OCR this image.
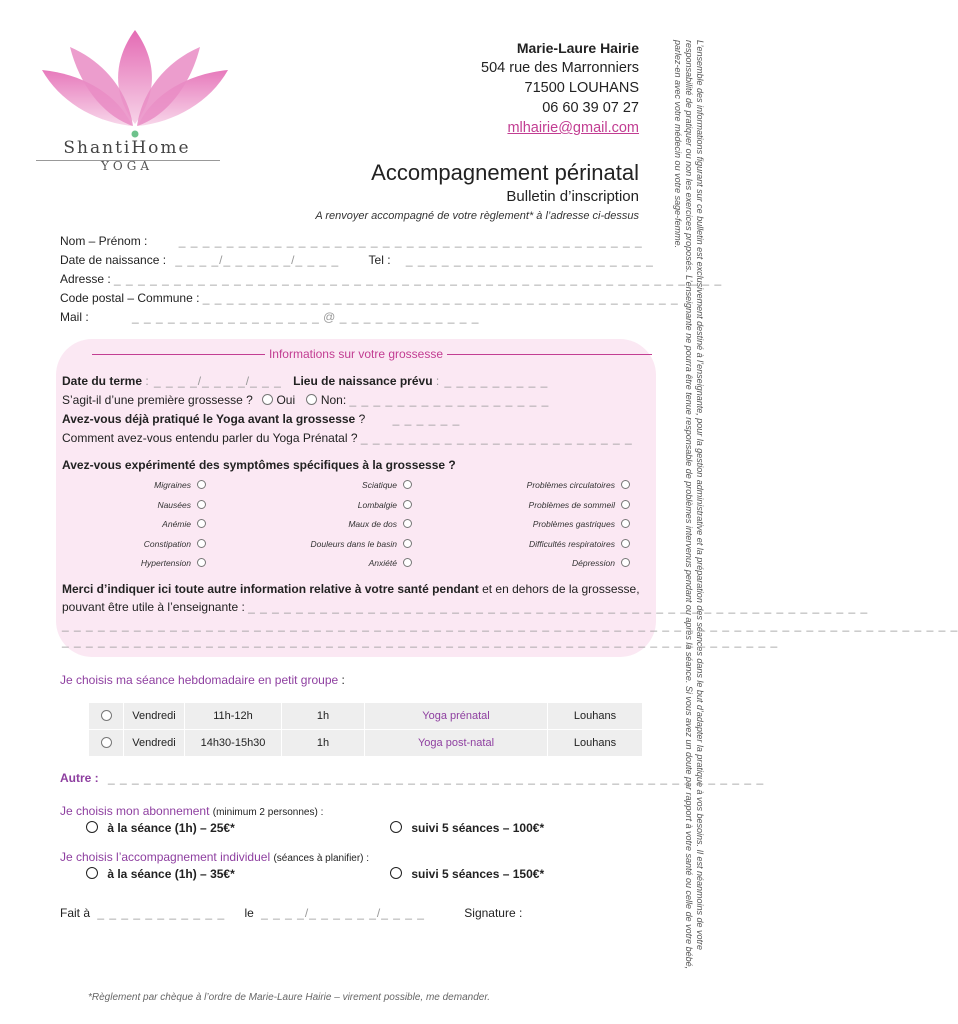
ShantiHome
YOGA
Marie-Laure Hairie
504 rue des Marronniers
71500 LOUHANS
06 60 39 07 27
mlhairie@gmail.com
Accompagnement périnatal
Bulletin d’inscription
A renvoyer accompagné de votre règlement* à l’adresse ci-dessus	L’ensemble des informations figurant sur ce bulletin est exclusivement destiné à l’enseignante, pour la gestion administrative et la préparation des séances dans le but d’adapter la pratique à vos besoins. Il est néanmoins de votre responsabilité de pratiquer ou non les exercices proposés. L’enseignante ne pourra être tenue responsable de problèmes intervenus pendant ou après la séance. Si vous avez un doute par rapport à votre santé ou celle de votre bébé, parlez-en avec votre médecin ou votre sage-femme.
Nom – Prénom :	_ _ _ _ _ _ _ _ _ _ _ _ _ _ _ _ _ _ _ _ _ _ _ _ _ _ _ _ _ _ _ _ _ _ _ _ _ _ _
Date de naissance : _ _ _ _/_ _ _ _ _ _/_ _ _ _ Tel : _ _ _ _ _ _ _ _ _ _ _ _ _ _ _ _ _ _ _ _ _
Adresse : _ _ _ _ _ _ _ _ _ _ _ _ _ _ _ _ _ _ _ _ _ _ _ _ _ _ _ _ _ _ _ _ _ _ _ _ _ _ _ _ _ _ _ _ _ _ _ _ _ _ _
Code postal – Commune : _ _ _ _ _ _ _ _ _ _ _ _ _ _ _ _ _ _ _ _ _ _ _ _ _ _ _ _ _ _ _ _ _ _ _ _ _ _ _ _
Mail :	_ _ _ _ _ _ _ _ _ _ _ _ _ _ _ _ @ _ _ _ _ _ _ _ _ _ _ _ _
Informations sur votre grossesse
Date du terme : _ _ _ _/_ _ _ _/_ _ _ Lieu de naissance prévu : _ _ _ _ _ _ _ _ _
S’agit-il d’une première grossesse ? Oui Non: _ _ _ _ _ _ _ _ _ _ _ _ _ _ _ _ _
Avez-vous déjà pratiqué le Yoga avant la grossesse ? _ _ _ _ _ _
Comment avez-vous entendu parler du Yoga Prénatal ? _ _ _ _ _ _ _ _ _ _ _ _ _ _ _ _ _ _ _ _ _ _ _
Avez-vous expérimenté des symptômes spécifiques à la grossesse ?
Migraines	Sciatique	Problèmes circulatoires
Nausées	Lombalgie	Problèmes de sommeil
Anémie	Maux de dos	Problèmes gastriques
Constipation	Douleurs dans le basin	Difficultés respiratoires
Hypertension	Anxiété	Dépression
Merci d’indiquer ici toute autre information relative à votre santé pendant et en dehors de la grossesse,
pouvant être utile à l’enseignante : _ _ _ _ _ _ _ _ _ _ _ _ _ _ _ _ _ _ _ _ _ _ _ _ _ _ _ _ _ _ _ _ _ _ _ _ _ _ _ _ _ _ _ _ _ _ _ _ _ _ _ _
_ _ _ _ _ _ _ _ _ _ _ _ _ _ _ _ _ _ _ _ _ _ _ _ _ _ _ _ _ _ _ _ _ _ _ _ _ _ _ _ _ _ _ _ _ _ _ _ _ _ _ _ _ _ _ _ _ _ _ _ _ _ _ _ _ _ _ _ _ _ _ _ _ _ _
_ _ _ _ _ _ _ _ _ _ _ _ _ _ _ _ _ _ _ _ _ _ _ _ _ _ _ _ _ _ _ _ _ _ _ _ _ _ _ _ _ _ _ _ _ _ _ _ _ _ _ _ _ _ _ _ _ _ _ _
Je choisis ma séance hebdomadaire en petit groupe :
	Vendredi	11h-12h	1h	Yoga prénatal	Louhans
	Vendredi	14h30-15h30	1h	Yoga post-natal	Louhans
Autre : _ _ _ _ _ _ _ _ _ _ _ _ _ _ _ _ _ _ _ _ _ _ _ _ _ _ _ _ _ _ _ _ _ _ _ _ _ _ _ _ _ _ _ _ _ _ _ _ _ _ _ _ _ _ _
Je choisis mon abonnement (minimum 2 personnes) :
à la séance (1h) – 25€*	suivi 5 séances – 100€*
Je choisis l’accompagnement individuel (séances à planifier) :
à la séance (1h) – 35€*	suivi 5 séances – 150€*
Fait à _ _ _ _ _ _ _ _ _ _ _ le _ _ _ _/_ _ _ _ _ _/_ _ _ _	Signature :
*Règlement par chèque à l’ordre de Marie-Laure Hairie – virement possible, me demander.
